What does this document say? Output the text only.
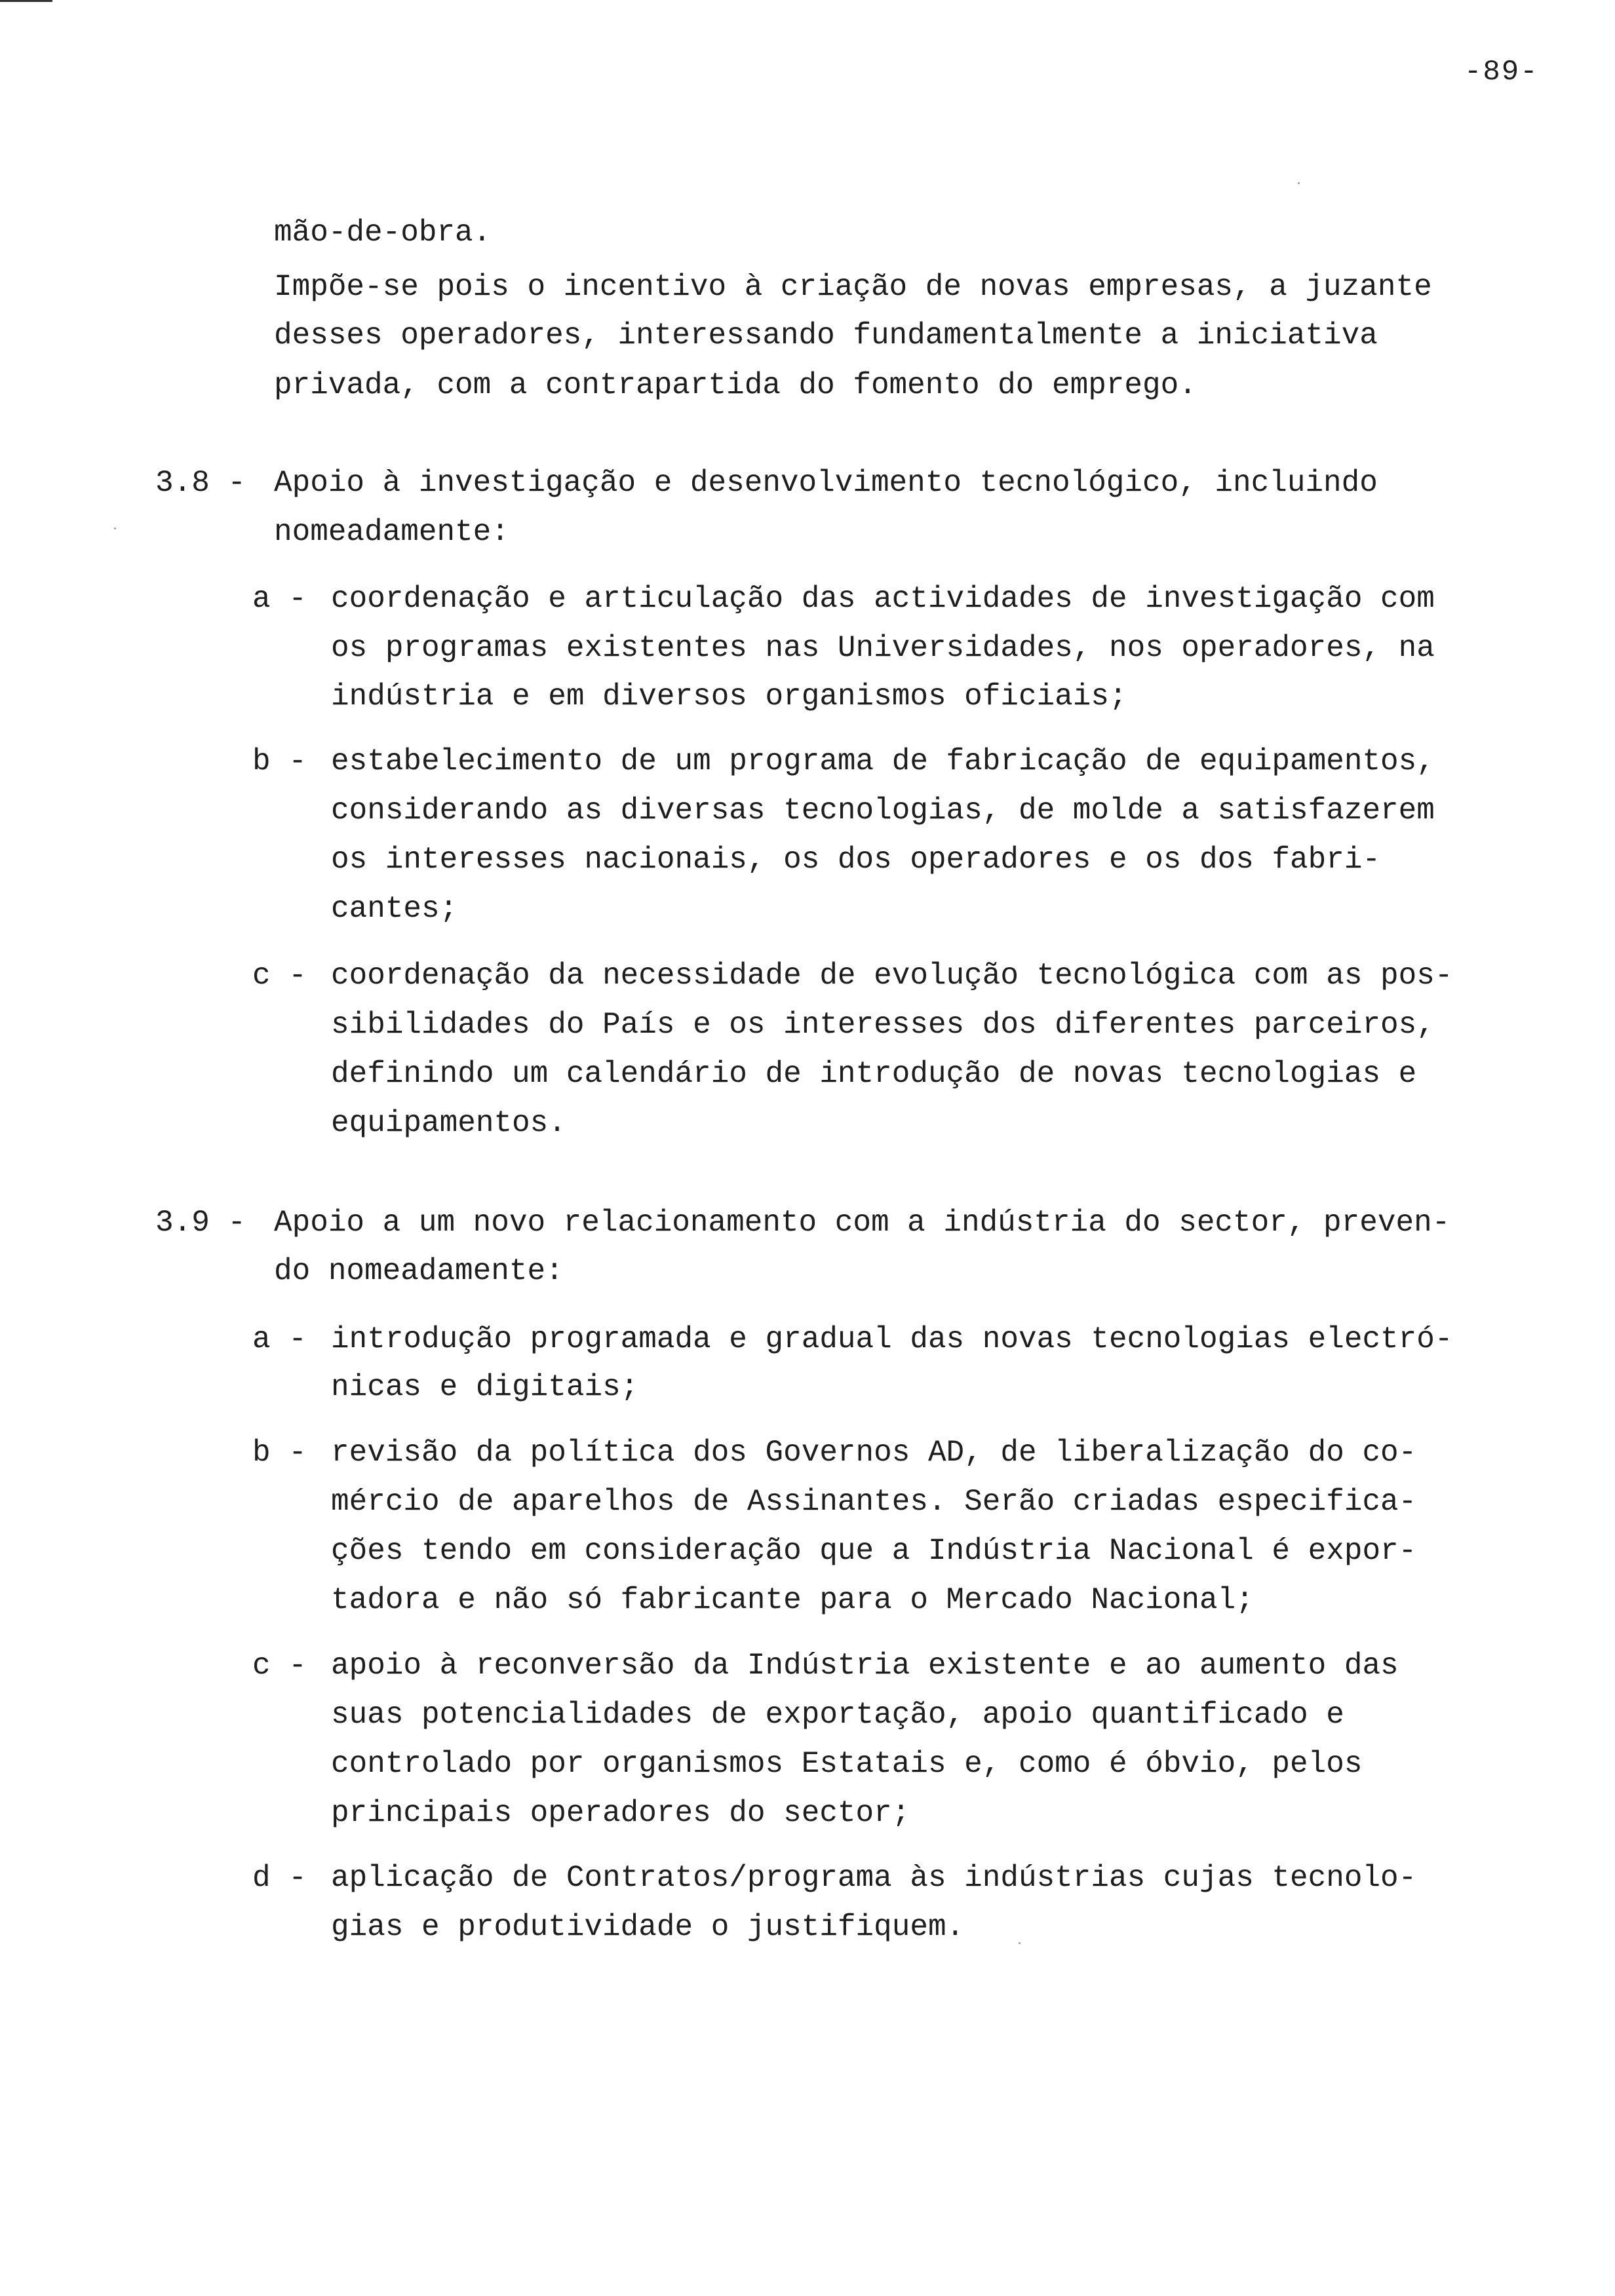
-89-
mão-de-obra.
Impõe-se pois o incentivo à criação de novas empresas, a juzante
desses operadores, interessando fundamentalmente a iniciativa
privada, com a contrapartida do fomento do emprego.
3.8 - Apoio à investigação e desenvolvimento tecnológico, incluindo
nomeadamente:
a - coordenação e articulação das actividades de investigação com
os programas existentes nas Universidades, nos operadores, na
indústria e em diversos organismos oficiais;
b - estabelecimento de um programa de fabricação de equipamentos,
considerando as diversas tecnologias, de molde a satisfazerem
os interesses nacionais, os dos operadores e os dos fabri-
cantes;
c - coordenação da necessidade de evolução tecnológica com as pos-
sibilidades do País e os interesses dos diferentes parceiros,
definindo um calendário de introdução de novas tecnologias e
equipamentos.
3.9 - Apoio a um novo relacionamento com a indústria do sector, preven-
do nomeadamente:
a - introdução programada e gradual das novas tecnologias electró-
nicas e digitais;
b - revisão da política dos Governos AD, de liberalização do co-
mércio de aparelhos de Assinantes. Serão criadas especifica-
ções tendo em consideração que a Indústria Nacional é expor-
tadora e não só fabricante para o Mercado Nacional;
c - apoio à reconversão da Indústria existente e ao aumento das
suas potencialidades de exportação, apoio quantificado e
controlado por organismos Estatais e, como é óbvio, pelos
principais operadores do sector;
d - aplicação de Contratos/programa às indústrias cujas tecnolo-
gias e produtividade o justifiquem.
